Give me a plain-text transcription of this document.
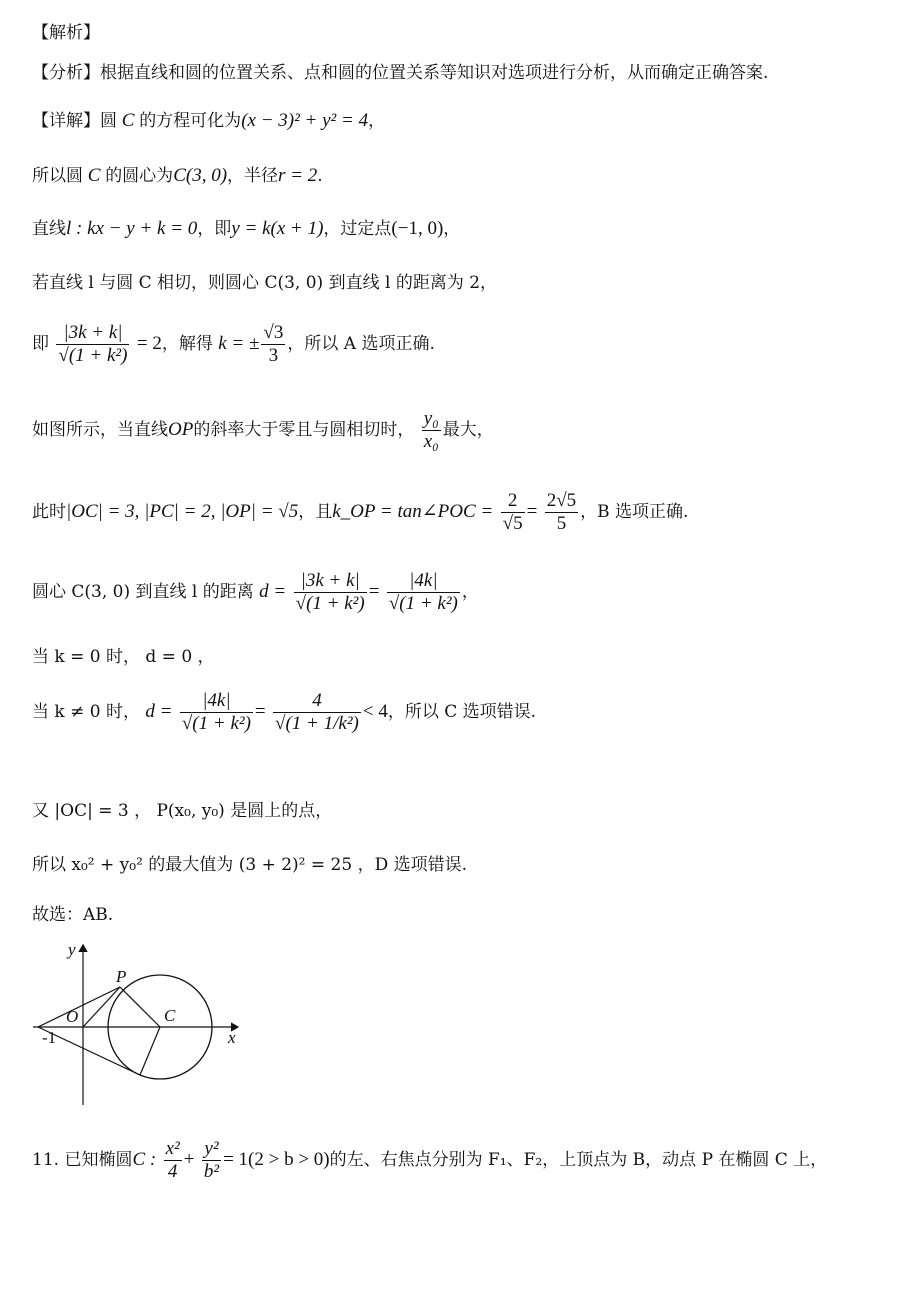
【解析】
【分析】根据直线和圆的位置关系、点和圆的位置关系等知识对选项进行分析，从而确定正确答案.
【详解】圆 C 的方程可化为(x − 3)² + y² = 4，
所以圆 C 的圆心为C(3, 0)，半径r = 2.
直线l : kx − y + k = 0，即y = k(x + 1)，过定点(−1, 0)，
若直线 l 与圆 C 相切，则圆心 C(3, 0) 到直线 l 的距离为 2，
即 $\frac{|3k + k|}{\text{√(1 + k²)}} = 2$，解得 k = ± $\frac{√3}{3}$ ，所以 A 选项正确.
如图所示，当直线OP的斜率大于零且与圆相切时， $\frac{\text{y₀}}{\text{x₀}}$ 最大，
此时|OC| = 3, |PC| = 2, |OP| = √5，且k_OP = tan∠POC = $\frac{2}{√5} = \frac{2√5}{5}$ ，B 选项正确.
圆心 C(3, 0) 到直线 l 的距离 $d = \frac{|3k + k|}{\text{√(1 + k²)}} = \frac{|4k|}{\text{√(1 + k²)}}$ ，
当 k = 0 时， d = 0 ，
当 k ≠ 0 时， $d = \frac{|4k|}{\text{√(1 + k²)}} = \frac{4}{\text{√(1 + 1/k²)}} < 4$，所以 C 选项错误.
又 |OC| = 3 ， P(x₀, y₀) 是圆上的点，
所以 x₀² + y₀² 的最大值为 (3 + 2)² = 25 ，D 选项错误.
故选：AB.
y
x
O
P
C
-1
11. 已知椭圆C : $\frac{\text{x²}}{4} + \frac{\text{y²}}{\text{b²}} = 1(2 > b > 0)$的左、右焦点分别为 F₁、F₂，上顶点为 B，动点 P 在椭圆 C 上，
